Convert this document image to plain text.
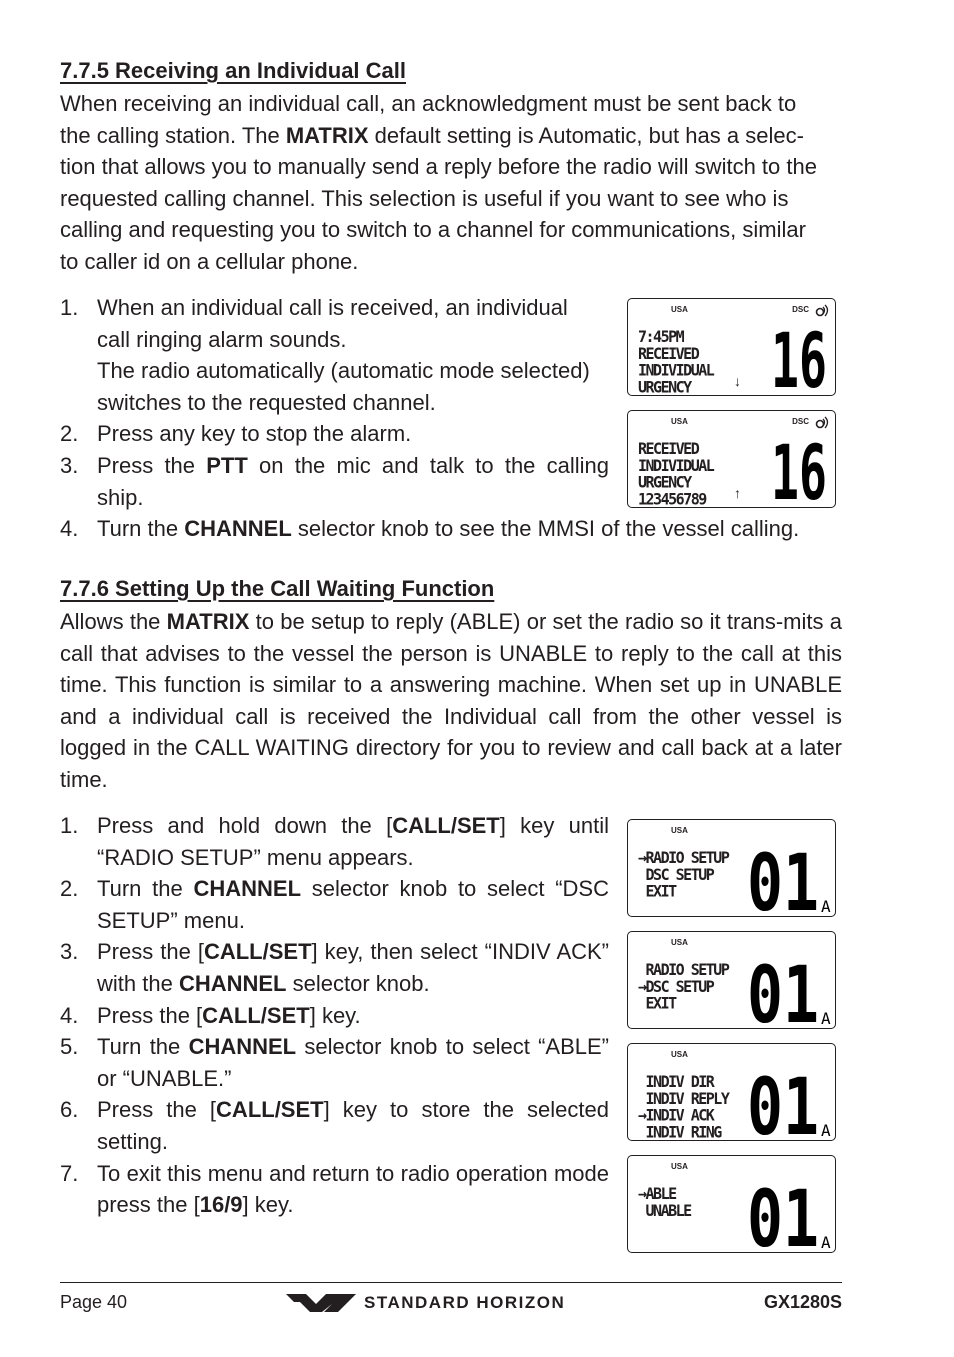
7.7.5 Receiving an Individual Call
When receiving an individual call, an acknowledgment must be sent back to
the calling station. The MATRIX default setting is Automatic, but has a selec-
tion that allows you to manually send a reply before the radio will switch to the
requested calling channel. This selection is useful if you want to see who is
calling and requesting you to switch to a channel for communications, similar
to caller id on a cellular phone.
1. When an individual call is received, an individual
call ringing alarm sounds.
The radio automatically (automatic mode selected)
switches to the requested channel.
2. Press any key to stop the alarm.
3. Press the PTT on the mic and talk to the calling ship.
4. Turn the CHANNEL selector knob to see the MMSI of the vessel calling.
7.7.6 Setting Up the Call Waiting Function
Allows the MATRIX to be setup to reply (ABLE) or set the radio so it trans-mits a call that advises to the vessel the person is UNABLE to reply to the call at this time. This function is similar to a answering machine. When set up in UNABLE and a individual call is received the Individual call from the other vessel is logged in the CALL WAITING directory for you to review and call back at a later time.
1. Press and hold down the [CALL/SET] key until “RADIO SETUP” menu appears.
2. Turn the CHANNEL selector knob to select “DSC SETUP” menu.
3. Press the [CALL/SET] key, then select “INDIV ACK” with the CHANNEL selector knob.
4. Press the [CALL/SET] key.
5. Turn the CHANNEL selector knob to select “ABLE” or “UNABLE.”
6. Press the [CALL/SET] key to store the selected setting.
7. To exit this menu and return to radio operation mode press the [16/9] key.
USA	DSC
7:45PM
RECEIVED
INDIVIDUAL
URGENCY	↓ 16
USA	DSC
RECEIVED
INDIVIDUAL
URGENCY
123456789	↑ 16
USA
→RADIO SETUP
DSC SETUP
EXIT 01 A
USA
RADIO SETUP
→DSC SETUP
EXIT 01 A
USA
INDIV DIR
INDIV REPLY
→INDIV ACK
INDIV RING 01 A
USA
→ABLE
UNABLE 01 A
Page 40	STANDARD HORIZON	GX1280S
